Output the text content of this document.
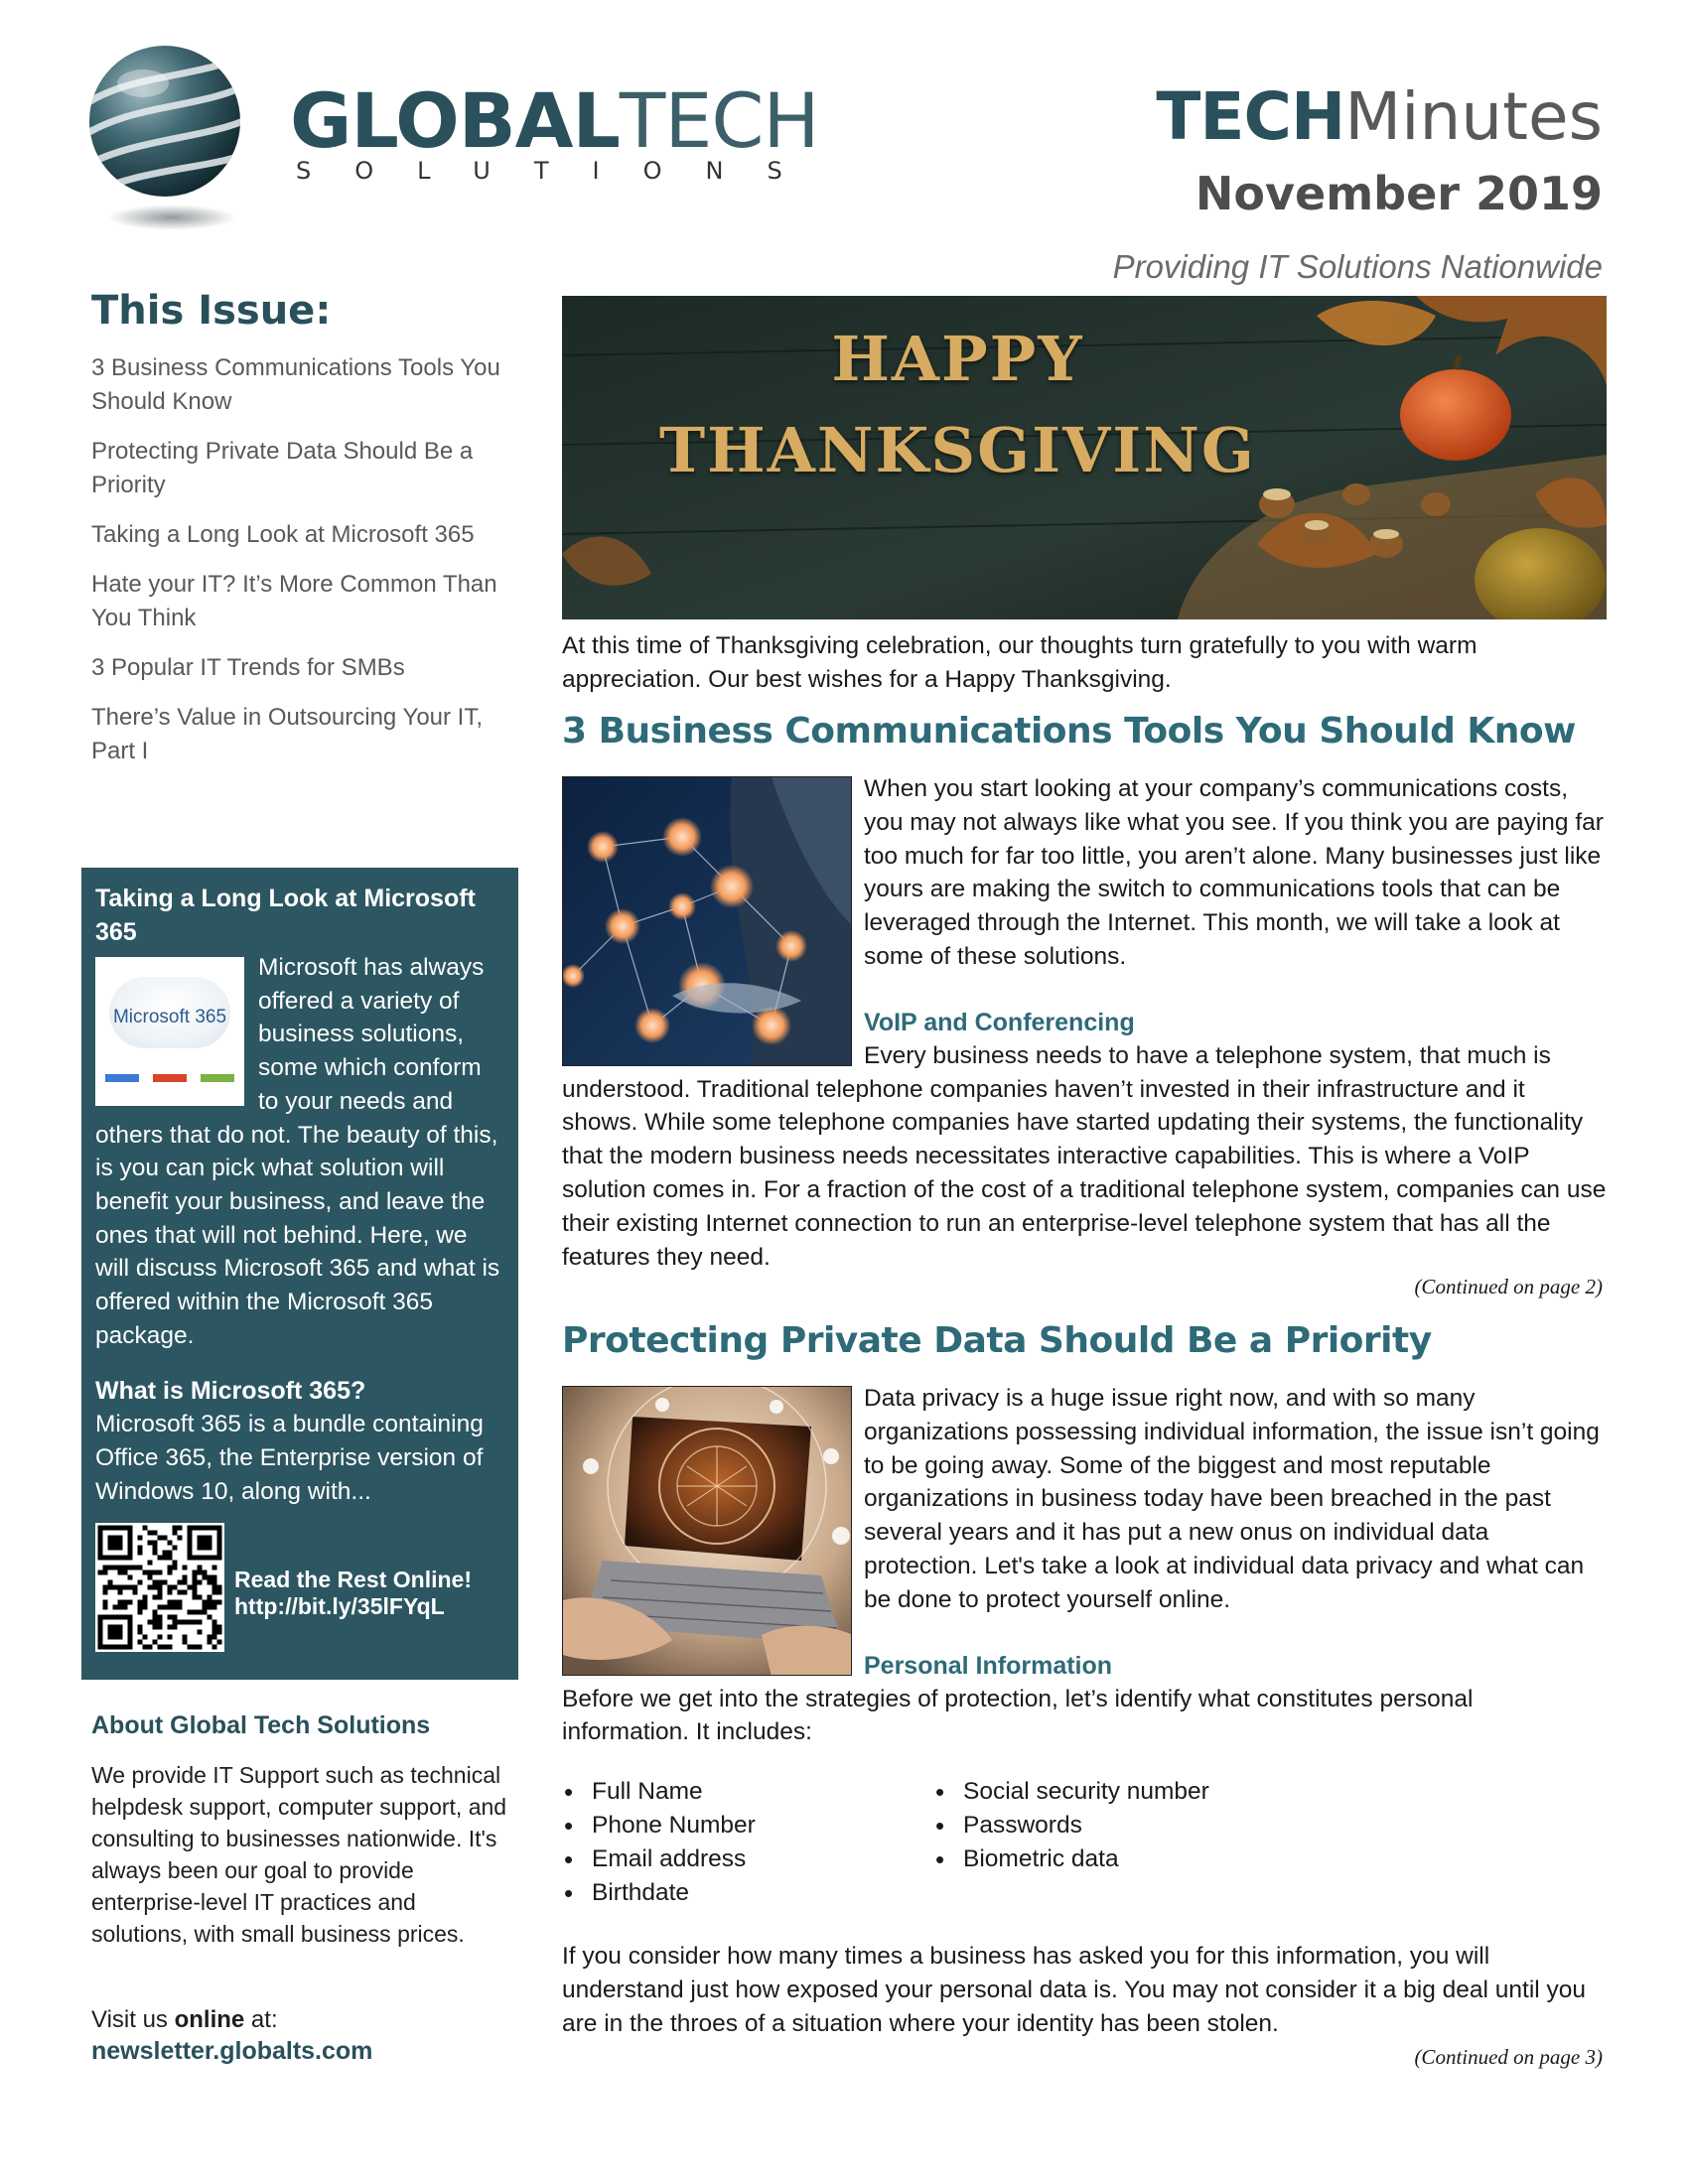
GLOBALTECH
SOLUTIONS
TECHMinutes
November 2019
Providing IT Solutions Nationwide
This Issue:
3 Business Communications Tools You Should Know
Protecting Private Data Should Be a Priority
Taking a Long Look at Microsoft 365
Hate your IT? It’s More Common Than You Think
3 Popular IT Trends for SMBs
There’s Value in Outsourcing Your IT, Part I
Taking a Long Look at Microsoft 365
Microsoft 365
Microsoft has always offered a variety of business solutions, some which conform to your needs and others that do not. The beauty of this, is you can pick what solution will benefit your business, and leave the ones that will not behind. Here, we will discuss Microsoft 365 and what is offered within the Microsoft 365 package.
What is Microsoft 365?
Microsoft 365 is a bundle containing Office 365, the Enterprise version of Windows 10, along with...
Read the Rest Online!
http://bit.ly/35lFYqL
About Global Tech Solutions
We provide IT Support such as technical helpdesk support, computer support, and consulting to businesses nationwide. It's always been our goal to provide enterprise-level IT practices and solutions, with small business prices.
Visit us online at:
newsletter.globalts.com
HAPPY
THANKSGIVING
At this time of Thanksgiving celebration, our thoughts turn gratefully to you with warm appreciation. Our best wishes for a Happy Thanksgiving.
3 Business Communications Tools You Should Know
When you start looking at your company’s communications costs, you may not always like what you see. If you think you are paying far too much for far too little, you aren’t alone. Many businesses just like yours are making the switch to communications tools that can be leveraged through the Internet. This month, we will take a look at some of these solutions.
VoIP and Conferencing
Every business needs to have a telephone system, that much is understood. Traditional telephone companies haven’t invested in their infrastructure and it shows. While some telephone companies have started updating their systems, the functionality that the modern business needs necessitates interactive capabilities. This is where a VoIP solution comes in. For a fraction of the cost of a traditional telephone system, companies can use their existing Internet connection to run an enterprise-level telephone system that has all the features they need.
(Continued on page 2)
Protecting Private Data Should Be a Priority
Data privacy is a huge issue right now, and with so many organizations possessing individual information, the issue isn’t going to be going away. Some of the biggest and most reputable organizations in business today have been breached in the past several years and it has put a new onus on individual data protection. Let's take a look at individual data privacy and what can be done to protect yourself online.
Personal Information
Before we get into the strategies of protection, let’s identify what constitutes personal information. It includes:
• Full Name
• Phone Number
• Email address
• Birthdate
• Social security number
• Passwords
• Biometric data
If you consider how many times a business has asked you for this information, you will understand just how exposed your personal data is. You may not consider it a big deal until you are in the throes of a situation where your identity has been stolen.
(Continued on page 3)
